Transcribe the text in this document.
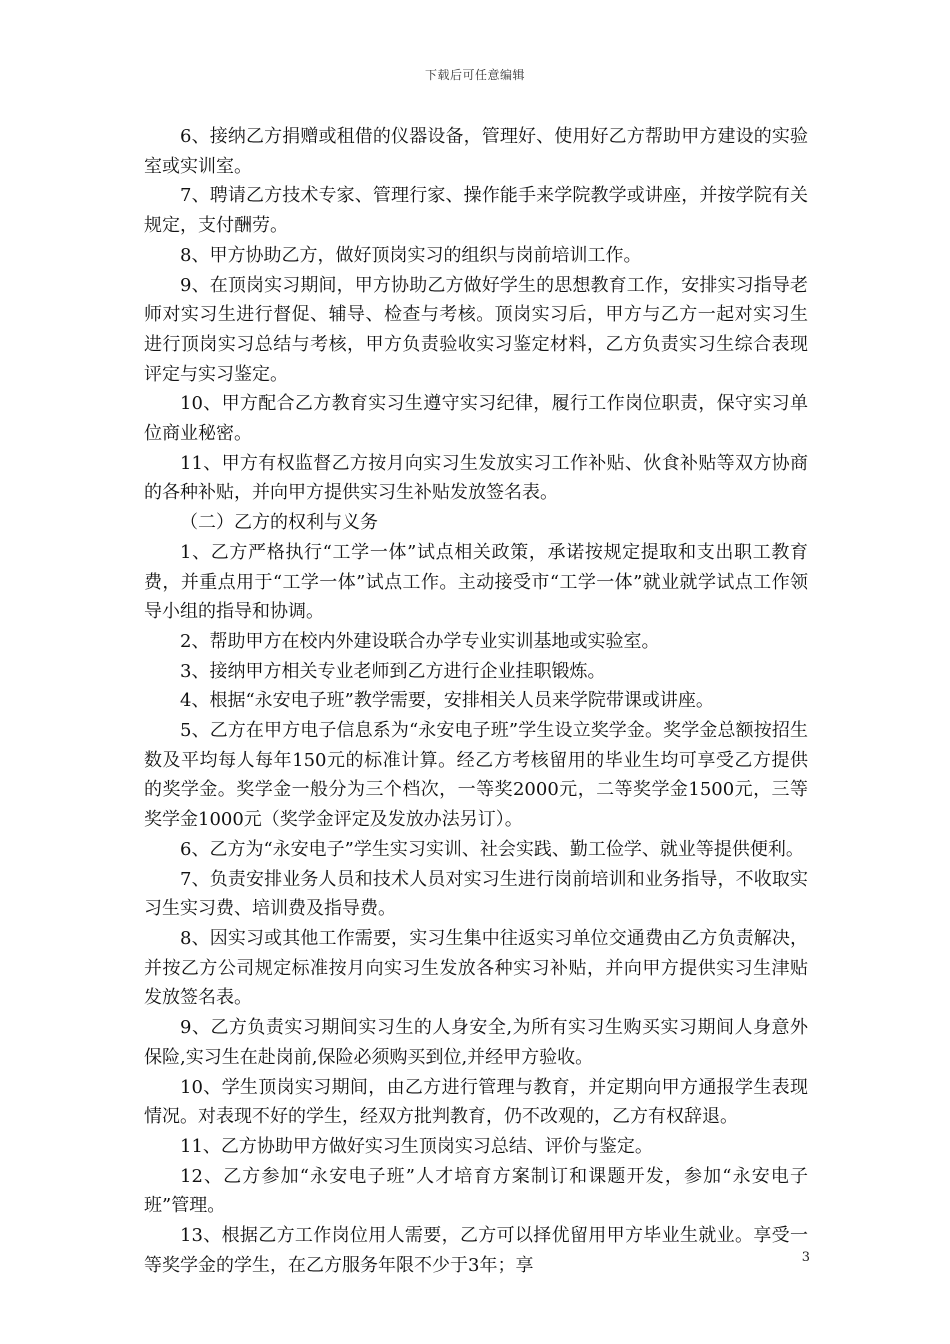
下载后可任意编辑

6、接纳乙方捐赠或租借的仪器设备，管理好、使用好乙方帮助甲方建设的实验室或实训室。

7、聘请乙方技术专家、管理行家、操作能手来学院教学或讲座，并按学院有关规定，支付酬劳。

8、甲方协助乙方，做好顶岗实习的组织与岗前培训工作。

9、在顶岗实习期间，甲方协助乙方做好学生的思想教育工作，安排实习指导老师对实习生进行督促、辅导、检查与考核。顶岗实习后，甲方与乙方一起对实习生进行顶岗实习总结与考核，甲方负责验收实习鉴定材料，乙方负责实习生综合表现评定与实习鉴定。

10、甲方配合乙方教育实习生遵守实习纪律，履行工作岗位职责，保守实习单位商业秘密。

11、甲方有权监督乙方按月向实习生发放实习工作补贴、伙食补贴等双方协商的各种补贴，并向甲方提供实习生补贴发放签名表。

（二）乙方的权利与义务

1、乙方严格执行“工学一体”试点相关政策，承诺按规定提取和支出职工教育费，并重点用于“工学一体”试点工作。主动接受市“工学一体”就业就学试点工作领导小组的指导和协调。

2、帮助甲方在校内外建设联合办学专业实训基地或实验室。

3、接纳甲方相关专业老师到乙方进行企业挂职锻炼。

4、根据“永安电子班”教学需要，安排相关人员来学院带课或讲座。

5、乙方在甲方电子信息系为“永安电子班”学生设立奖学金。奖学金总额按招生数及平均每人每年150元的标准计算。经乙方考核留用的毕业生均可享受乙方提供的奖学金。奖学金一般分为三个档次，一等奖2000元，二等奖学金1500元，三等奖学金1000元（奖学金评定及发放办法另订）。

6、乙方为“永安电子”学生实习实训、社会实践、勤工俭学、就业等提供便利。

7、负责安排业务人员和技术人员对实习生进行岗前培训和业务指导，不收取实习生实习费、培训费及指导费。

8、因实习或其他工作需要，实习生集中往返实习单位交通费由乙方负责解决，并按乙方公司规定标准按月向实习生发放各种实习补贴，并向甲方提供实习生津贴发放签名表。

9、乙方负责实习期间实习生的人身安全,为所有实习生购买实习期间人身意外保险,实习生在赴岗前,保险必须购买到位,并经甲方验收。

10、学生顶岗实习期间，由乙方进行管理与教育，并定期向甲方通报学生表现情况。对表现不好的学生，经双方批判教育，仍不改观的，乙方有权辞退。

11、乙方协助甲方做好实习生顶岗实习总结、评价与鉴定。

12、乙方参加“永安电子班”人才培育方案制订和课题开发，参加“永安电子班”管理。

13、根据乙方工作岗位用人需要，乙方可以择优留用甲方毕业生就业。享受一等奖学金的学生，在乙方服务年限不少于3年；享	3
